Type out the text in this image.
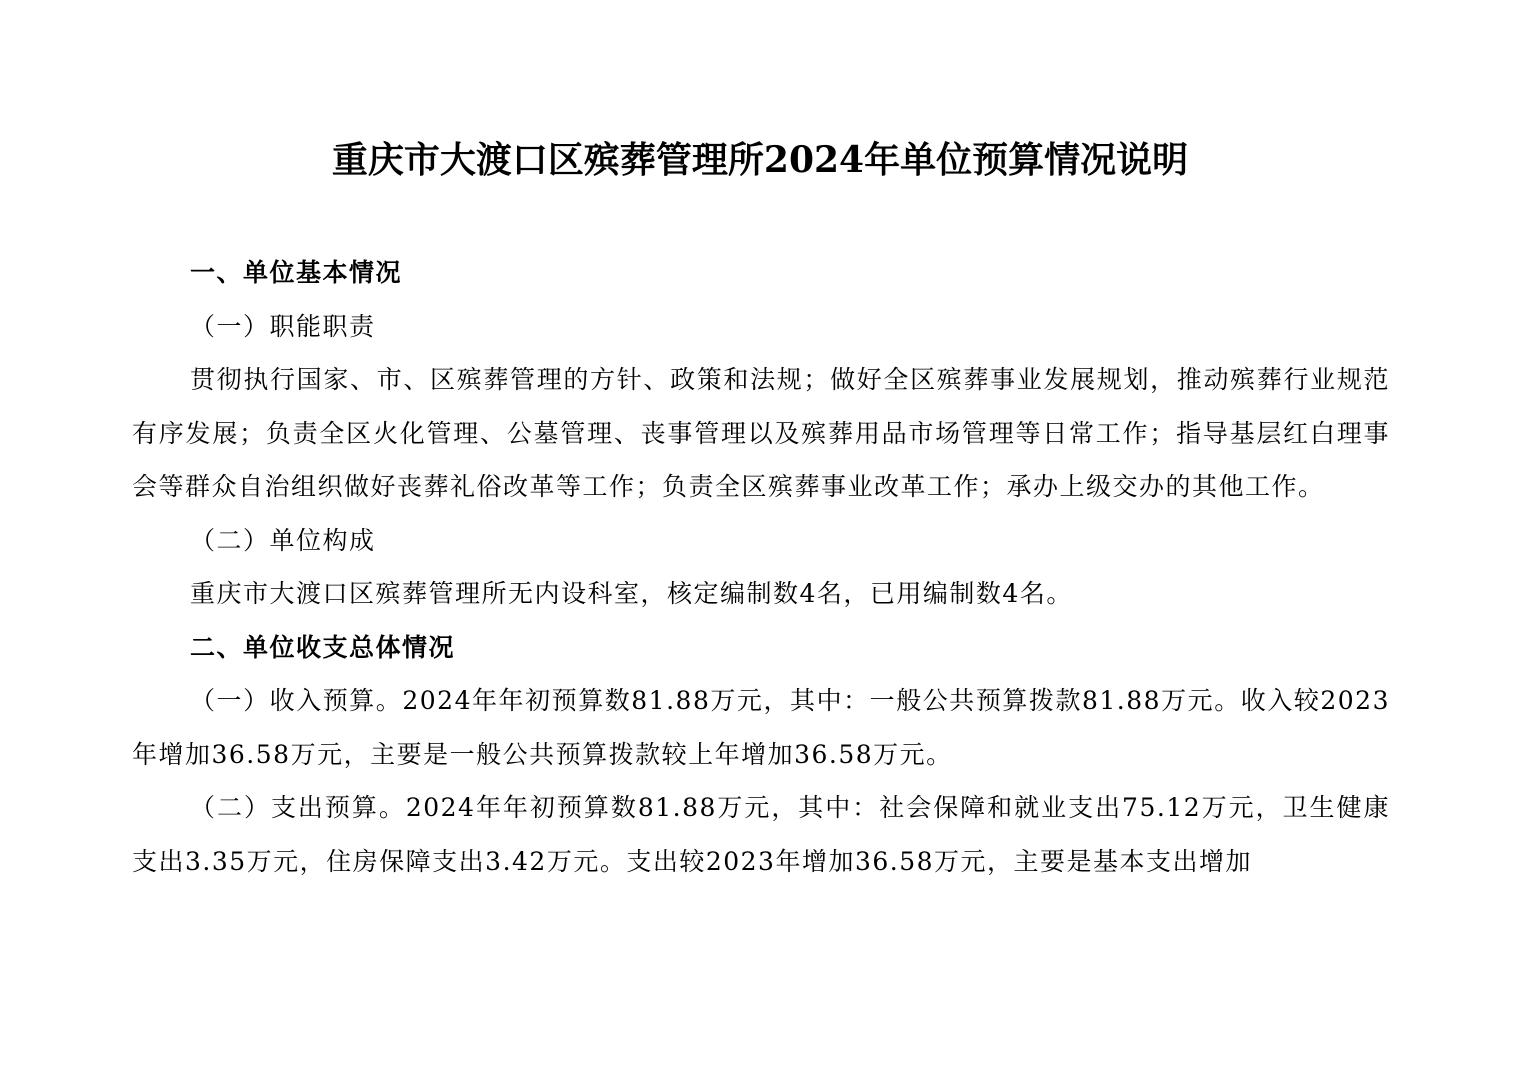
重庆市大渡口区殡葬管理所2024年单位预算情况说明

一、单位基本情况

（一）职能职责

贯彻执行国家、市、区殡葬管理的方针、政策和法规；做好全区殡葬事业发展规划，推动殡葬行业规范有序发展；负责全区火化管理、公墓管理、丧事管理以及殡葬用品市场管理等日常工作；指导基层红白理事会等群众自治组织做好丧葬礼俗改革等工作；负责全区殡葬事业改革工作；承办上级交办的其他工作。

（二）单位构成

重庆市大渡口区殡葬管理所无内设科室，核定编制数4名，已用编制数4名。

二、单位收支总体情况

（一）收入预算。2024年年初预算数81.88万元，其中：一般公共预算拨款81.88万元。收入较2023年增加36.58万元，主要是一般公共预算拨款较上年增加36.58万元。

（二）支出预算。2024年年初预算数81.88万元，其中：社会保障和就业支出75.12万元，卫生健康支出3.35万元，住房保障支出3.42万元。支出较2023年增加36.58万元，主要是基本支出增加
